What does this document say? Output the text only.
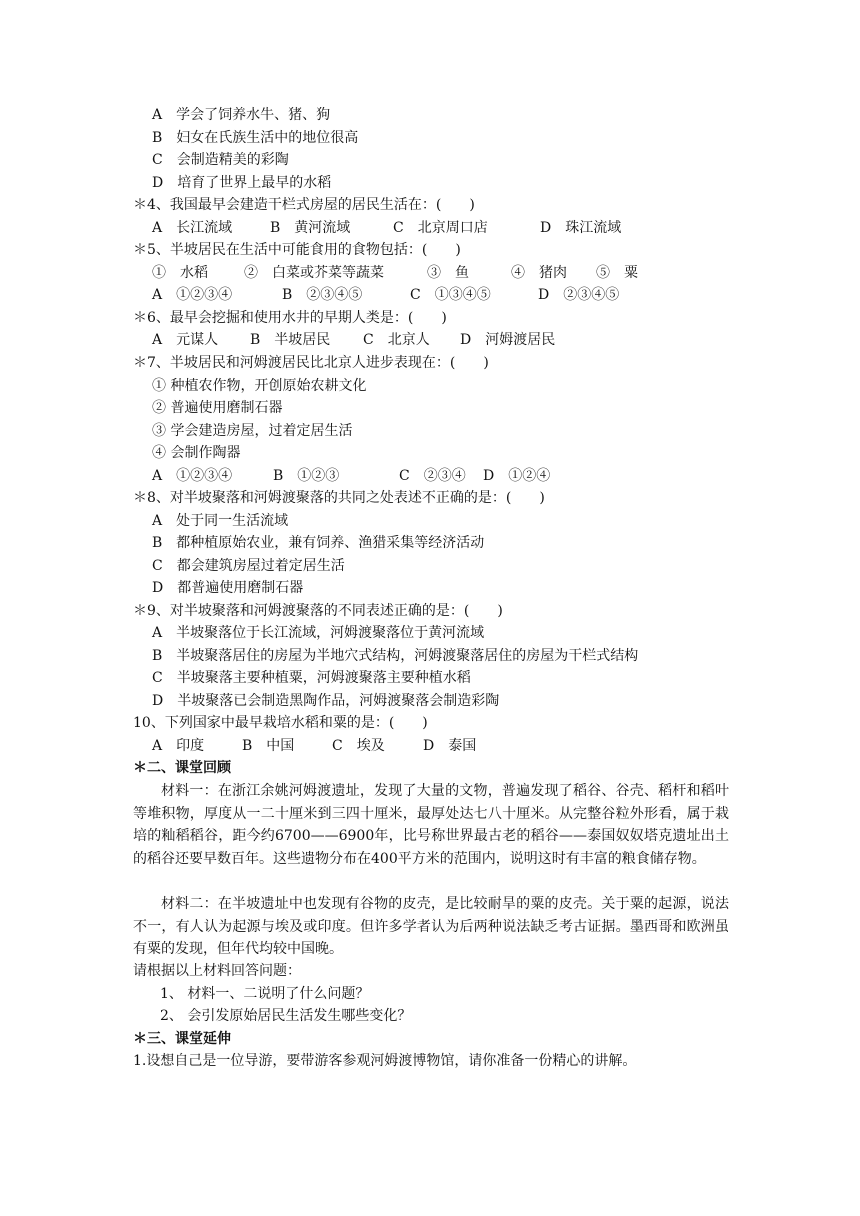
A　学会了饲养水牛、猪、狗
B　妇女在氏族生活中的地位很高
C　会制造精美的彩陶
D　培育了世界上最早的水稻
＊4、我国最早会建造干栏式房屋的居民生活在：(　　)
A　长江流域	B　黄河流域	C　北京周口店	D　珠江流域
＊5、半坡居民在生活中可能食用的食物包括：(　　)
①　水稻	②　白菜或芥菜等蔬菜	③　鱼	④　猪肉 ⑤　粟
A　①②③④	B　②③④⑤	C　①③④⑤	D　②③④⑤
＊6、最早会挖掘和使用水井的早期人类是：(　　)
A　元谋人 B　半坡居民 C　北京人 D　河姆渡居民
＊7、半坡居民和河姆渡居民比北京人进步表现在：(　　)
① 种植农作物，开创原始农耕文化
② 普遍使用磨制石器
③ 学会建造房屋，过着定居生活
④ 会制作陶器
A　①②③④	B　①②③	C　②③④ D　①②④
＊8、对半坡聚落和河姆渡聚落的共同之处表述不正确的是：(　　)
A　处于同一生活流域
B　都种植原始农业，兼有饲养、渔猎采集等经济活动
C　都会建筑房屋过着定居生活
D　都普遍使用磨制石器
＊9、对半坡聚落和河姆渡聚落的不同表述正确的是：(　　)
A　半坡聚落位于长江流域，河姆渡聚落位于黄河流域
B　半坡聚落居住的房屋为半地穴式结构，河姆渡聚落居住的房屋为干栏式结构
C　半坡聚落主要种植粟，河姆渡聚落主要种植水稻
D　半坡聚落已会制造黑陶作品，河姆渡聚落会制造彩陶
10、下列国家中最早栽培水稻和粟的是：(　　)
A　印度	B　中国	C　埃及	D　泰国
＊二、课堂回顾

材料一：在浙江余姚河姆渡遗址，发现了大量的文物，普遍发现了稻谷、谷壳、稻杆和稻叶等堆积物，厚度从一二十厘米到三四十厘米，最厚处达七八十厘米。从完整谷粒外形看，属于栽培的籼稻稻谷，距今约6700——6900年，比号称世界最古老的稻谷——泰国奴奴塔克遗址出土的稻谷还要早数百年。这些遗物分布在400平方米的范围内，说明这时有丰富的粮食储存物。

材料二：在半坡遗址中也发现有谷物的皮壳，是比较耐旱的粟的皮壳。关于粟的起源，说法不一，有人认为起源与埃及或印度。但许多学者认为后两种说法缺乏考古证据。墨西哥和欧洲虽有粟的发现，但年代均较中国晚。

请根据以上材料回答问题：
1、 材料一、二说明了什么问题？
2、 会引发原始居民生活发生哪些变化？
＊三、课堂延伸
1.设想自己是一位导游，要带游客参观河姆渡博物馆，请你准备一份精心的讲解。
